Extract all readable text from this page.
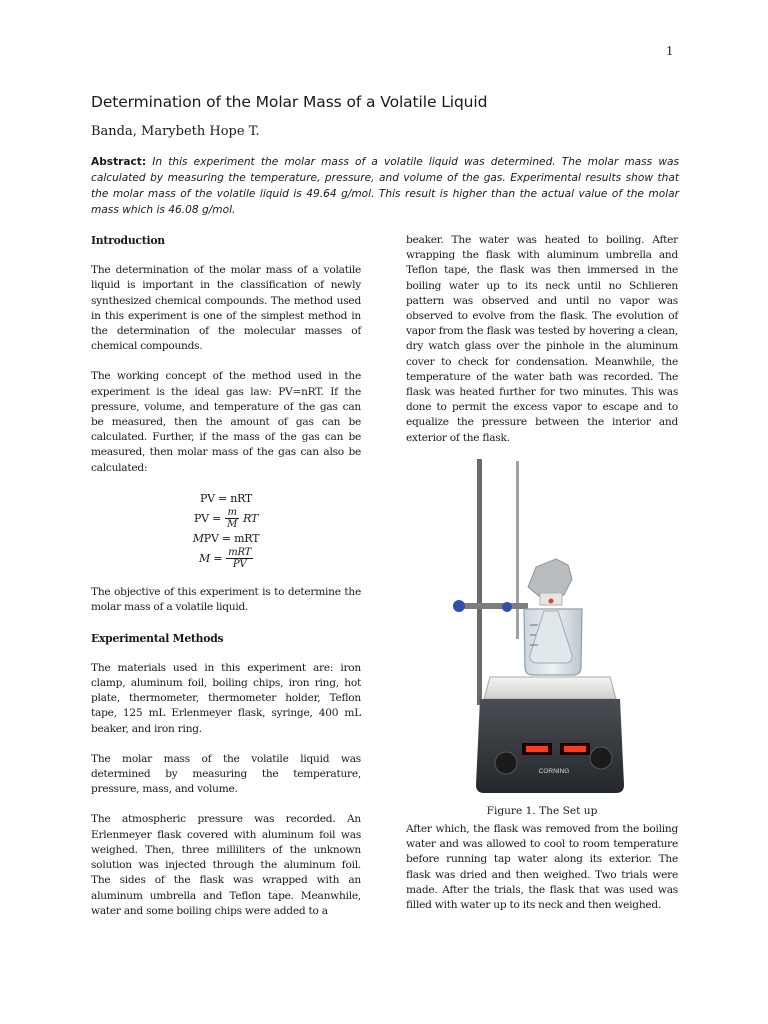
1
Determination of the Molar Mass of a Volatile Liquid

Banda, Marybeth Hope T.

Abstract: In this experiment the molar mass of a volatile liquid was determined. The molar mass was calculated by measuring the temperature, pressure, and volume of the gas. Experimental results show that the molar mass of the volatile liquid is 49.64 g/mol. This result is higher than the actual value of the molar mass which is 46.08 g/mol.

Introduction

The determination of the molar mass of a volatile liquid is important in the classification of newly synthesized chemical compounds. The method used in this experiment is one of the simplest method in the determination of the molecular masses of chemical compounds.

The working concept of the method used in the experiment is the ideal gas law: PV=nRT. If the pressure, volume, and temperature of the gas can be measured, then the amount of gas can be calculated. Further, if the mass of the gas can be measured, then molar mass of the gas can also be calculated:

PV = nRT
PV = $\frac{m}{M}$ RT
MPV = mRT
$M = \frac{\text{mRT}}{PV}$

The objective of this experiment is to determine the molar mass of a volatile liquid.

Experimental Methods

The materials used in this experiment are: iron clamp, aluminum foil, boiling chips, iron ring, hot plate, thermometer, thermometer holder, Teflon tape, 125 mL Erlenmeyer flask, syringe, 400 mL beaker, and iron ring.

The molar mass of the volatile liquid was determined by measuring the temperature, pressure, mass, and volume.

The atmospheric pressure was recorded. An Erlenmeyer flask covered with aluminum foil was weighed. Then, three milliliters of the unknown solution was injected through the aluminum foil. The sides of the flask was wrapped with an aluminum umbrella and Teflon tape. Meanwhile, water and some boiling chips were added to a

beaker. The water was heated to boiling. After wrapping the flask with aluminum umbrella and Teflon tape, the flask was then immersed in the boiling water up to its neck until no Schlieren pattern was observed and until no vapor was observed to evolve from the flask. The evolution of vapor from the flask was tested by hovering a clean, dry watch glass over the pinhole in the aluminum cover to check for condensation. Meanwhile, the temperature of the water bath was recorded. The flask was heated further for two minutes. This was done to permit the excess vapor to escape and to equalize the pressure between the interior and exterior of the flask.

CORNING

Figure 1. The Set up

After which, the flask was removed from the boiling water and was allowed to cool to room temperature before running tap water along its exterior. The flask was dried and then weighed. Two trials were made. After the trials, the flask that was used was filled with water up to its neck and then weighed.
